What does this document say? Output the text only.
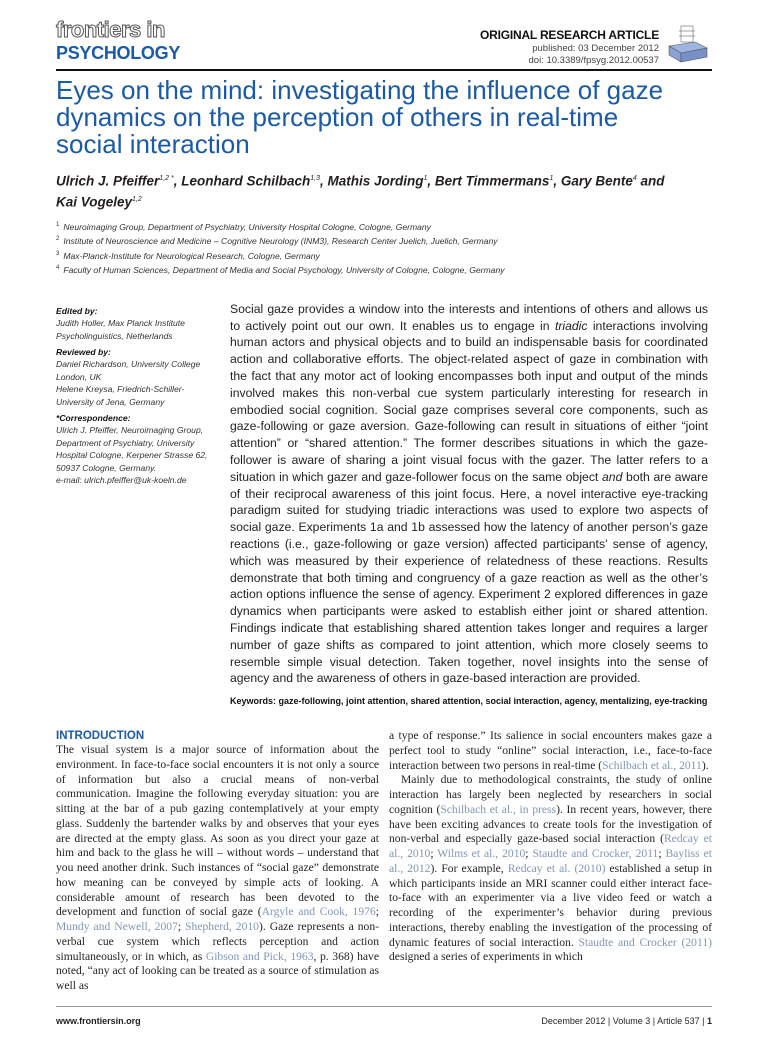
frontiers in
PSYCHOLOGY
ORIGINAL RESEARCH ARTICLE
published: 03 December 2012
doi: 10.3389/fpsyg.2012.00537
Eyes on the mind: investigating the influence of gaze dynamics on the perception of others in real-time social interaction
Ulrich J. Pfeiffer$^{1,2 *}$, Leonhard Schilbach$^{1,3}$, Mathis Jording$^1$, Bert Timmermans$^1$, Gary Bente$^4$ and Kai Vogeley$^{1,2}$
$^1$ Neuroimaging Group, Department of Psychiatry, University Hospital Cologne, Cologne, Germany
$^2$ Institute of Neuroscience and Medicine – Cognitive Neurology (INM3), Research Center Juelich, Juelich, Germany
$^3$ Max-Planck-Institute for Neurological Research, Cologne, Germany
$^4$ Faculty of Human Sciences, Department of Media and Social Psychology, University of Cologne, Cologne, Germany
Edited by:
Judith Holler, Max Planck Institute Psycholinguistics, Netherlands
Reviewed by:
Daniel Richardson, University College London, UK
Helene Kreysa, Friedrich-Schiller-University of Jena, Germany
*Correspondence:
Ulrich J. Pfeiffer, Neuroimaging Group, Department of Psychiatry, University Hospital Cologne, Kerpener Strasse 62, 50937 Cologne, Germany.
e-mail: ulrich.pfeiffer@uk-koeln.de
Social gaze provides a window into the interests and intentions of others and allows us to actively point out our own. It enables us to engage in triadic interactions involving human actors and physical objects and to build an indispensable basis for coordinated action and collaborative efforts. The object-related aspect of gaze in combination with the fact that any motor act of looking encompasses both input and output of the minds involved makes this non-verbal cue system particularly interesting for research in embodied social cognition. Social gaze comprises several core components, such as gaze-following or gaze aversion. Gaze-following can result in situations of either “joint attention” or “shared attention.” The former describes situations in which the gaze-follower is aware of sharing a joint visual focus with the gazer. The latter refers to a situation in which gazer and gaze-follower focus on the same object and both are aware of their reciprocal awareness of this joint focus. Here, a novel interactive eye-tracking paradigm suited for studying triadic interactions was used to explore two aspects of social gaze. Experiments 1a and 1b assessed how the latency of another person’s gaze reactions (i.e., gaze-following or gaze version) affected participants’ sense of agency, which was measured by their experience of relatedness of these reactions. Results demonstrate that both timing and congruency of a gaze reaction as well as the other’s action options influence the sense of agency. Experiment 2 explored differences in gaze dynamics when participants were asked to establish either joint or shared attention. Findings indicate that establishing shared attention takes longer and requires a larger number of gaze shifts as compared to joint attention, which more closely seems to resemble simple visual detection. Taken together, novel insights into the sense of agency and the awareness of others in gaze-based interaction are provided.
Keywords: gaze-following, joint attention, shared attention, social interaction, agency, mentalizing, eye-tracking
INTRODUCTION

The visual system is a major source of information about the environment. In face-to-face social encounters it is not only a source of information but also a crucial means of non-verbal communication. Imagine the following everyday situation: you are sitting at the bar of a pub gazing contemplatively at your empty glass. Suddenly the bartender walks by and observes that your eyes are directed at the empty glass. As soon as you direct your gaze at him and back to the glass he will – without words – understand that you need another drink. Such instances of “social gaze” demonstrate how meaning can be conveyed by simple acts of looking. A considerable amount of research has been devoted to the development and function of social gaze (Argyle and Cook, 1976; Mundy and Newell, 2007; Shepherd, 2010). Gaze represents a non-verbal cue system which reflects perception and action simultaneously, or in which, as Gibson and Pick, 1963, p. 368) have noted, “any act of looking can be treated as a source of stimulation as well as

a type of response.” Its salience in social encounters makes gaze a perfect tool to study “online” social interaction, i.e., face-to-face interaction between two persons in real-time (Schilbach et al., 2011).

Mainly due to methodological constraints, the study of online interaction has largely been neglected by researchers in social cognition (Schilbach et al., in press). In recent years, however, there have been exciting advances to create tools for the investigation of non-verbal and especially gaze-based social interaction (Redcay et al., 2010; Wilms et al., 2010; Staudte and Crocker, 2011; Bayliss et al., 2012). For example, Redcay et al. (2010) established a setup in which participants inside an MRI scanner could either interact face-to-face with an experimenter via a live video feed or watch a recording of the experimenter’s behavior during previous interactions, thereby enabling the investigation of the processing of dynamic features of social interaction. Staudte and Crocker (2011) designed a series of experiments in which

www.frontiersin.org	December 2012 | Volume 3 | Article 537 | 1
